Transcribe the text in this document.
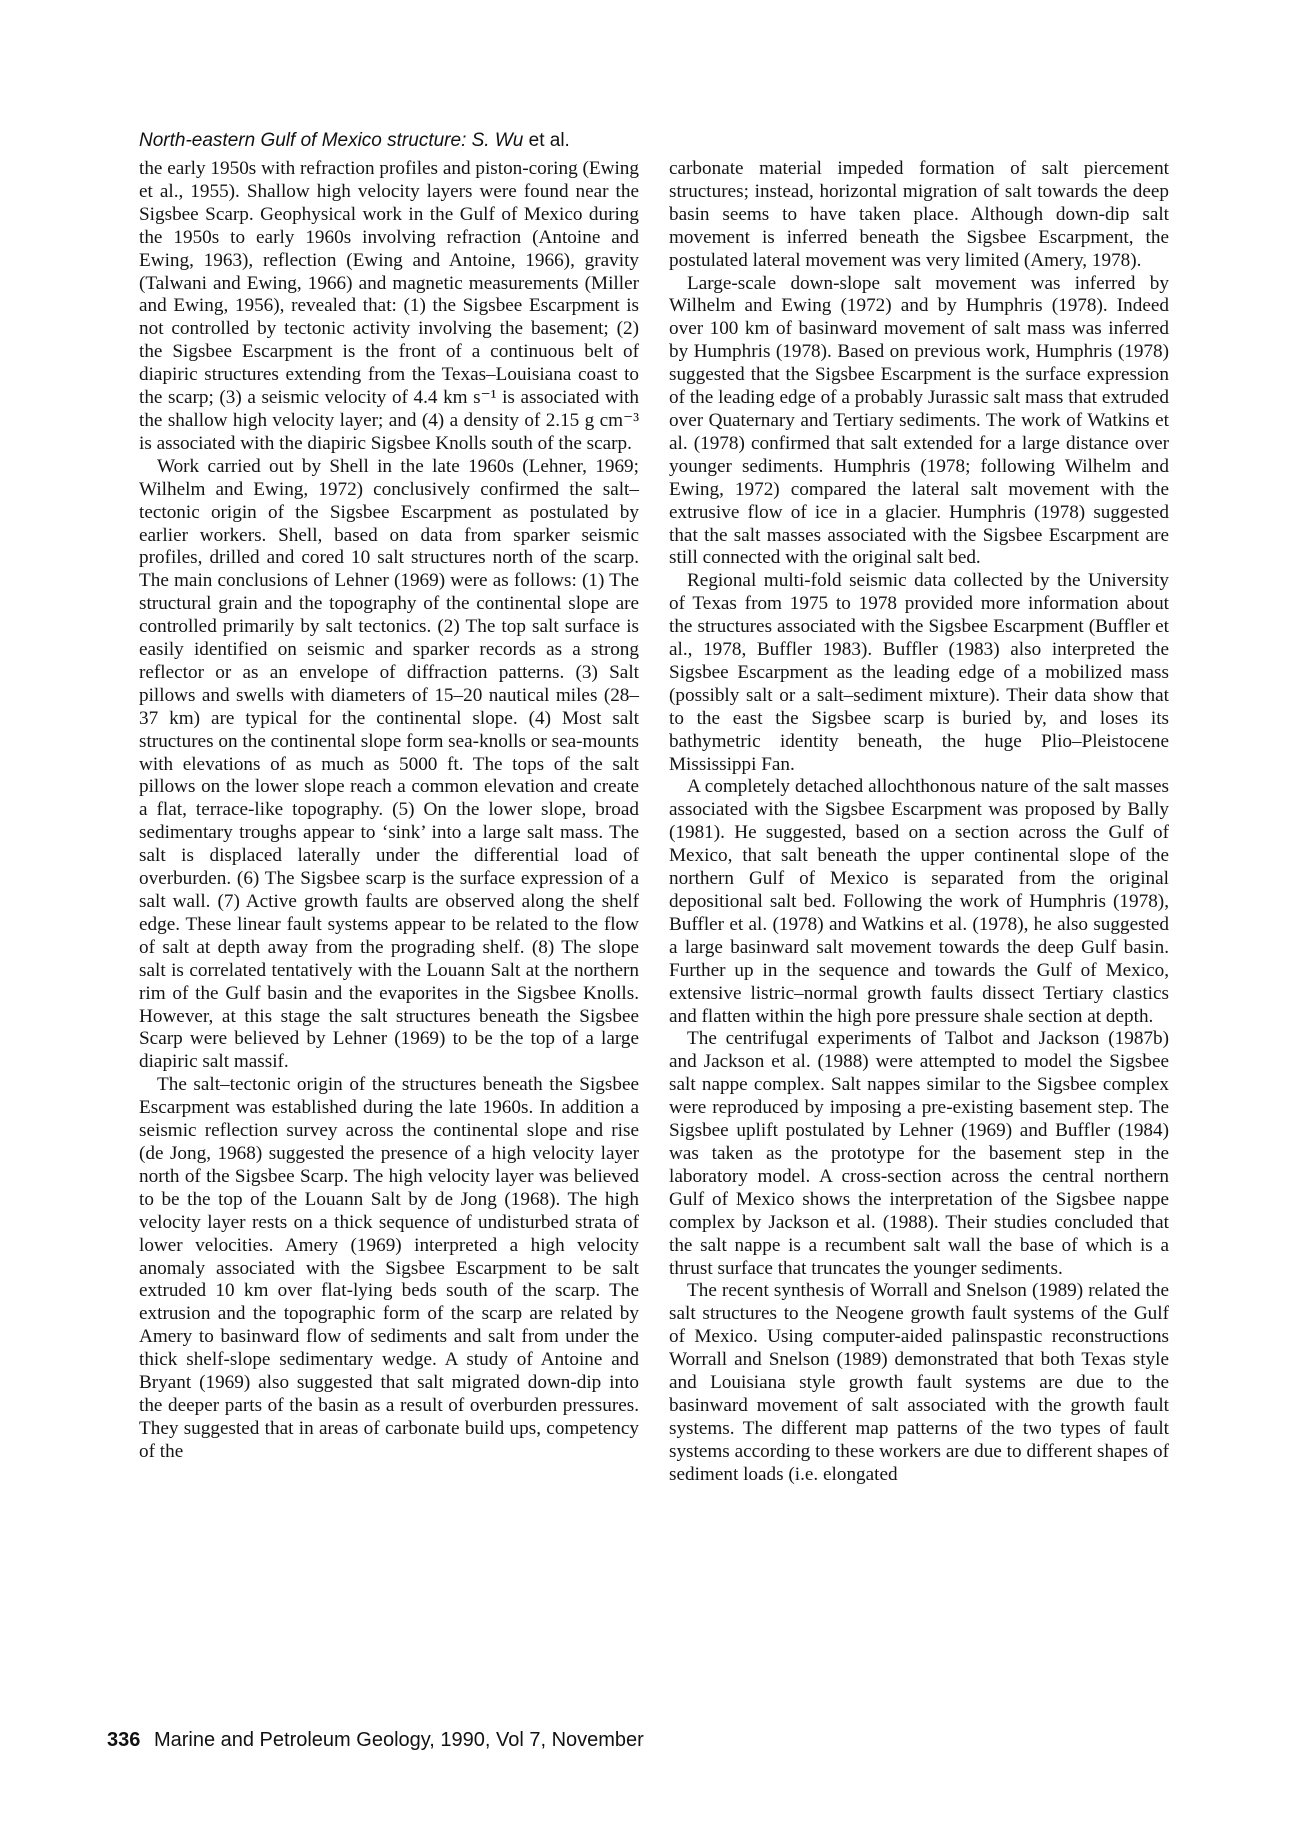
North-eastern Gulf of Mexico structure: S. Wu et al.

the early 1950s with refraction profiles and piston-coring (Ewing et al., 1955). Shallow high velocity layers were found near the Sigsbee Scarp. Geophysical work in the Gulf of Mexico during the 1950s to early 1960s involving refraction (Antoine and Ewing, 1963), reflection (Ewing and Antoine, 1966), gravity (Talwani and Ewing, 1966) and magnetic measurements (Miller and Ewing, 1956), revealed that: (1) the Sigsbee Escarpment is not controlled by tectonic activity involving the basement; (2) the Sigsbee Escarpment is the front of a continuous belt of diapiric structures extending from the Texas–Louisiana coast to the scarp; (3) a seismic velocity of 4.4 km s⁻¹ is associated with the shallow high velocity layer; and (4) a density of 2.15 g cm⁻³ is associated with the diapiric Sigsbee Knolls south of the scarp.

Work carried out by Shell in the late 1960s (Lehner, 1969; Wilhelm and Ewing, 1972) conclusively confirmed the salt–tectonic origin of the Sigsbee Escarpment as postulated by earlier workers. Shell, based on data from sparker seismic profiles, drilled and cored 10 salt structures north of the scarp. The main conclusions of Lehner (1969) were as follows: (1) The structural grain and the topography of the continental slope are controlled primarily by salt tectonics. (2) The top salt surface is easily identified on seismic and sparker records as a strong reflector or as an envelope of diffraction patterns. (3) Salt pillows and swells with diameters of 15–20 nautical miles (28–37 km) are typical for the continental slope. (4) Most salt structures on the continental slope form sea-knolls or sea-mounts with elevations of as much as 5000 ft. The tops of the salt pillows on the lower slope reach a common elevation and create a flat, terrace-like topography. (5) On the lower slope, broad sedimentary troughs appear to ‘sink’ into a large salt mass. The salt is displaced laterally under the differential load of overburden. (6) The Sigsbee scarp is the surface expression of a salt wall. (7) Active growth faults are observed along the shelf edge. These linear fault systems appear to be related to the flow of salt at depth away from the prograding shelf. (8) The slope salt is correlated tentatively with the Louann Salt at the northern rim of the Gulf basin and the evaporites in the Sigsbee Knolls. However, at this stage the salt structures beneath the Sigsbee Scarp were believed by Lehner (1969) to be the top of a large diapiric salt massif.

The salt–tectonic origin of the structures beneath the Sigsbee Escarpment was established during the late 1960s. In addition a seismic reflection survey across the continental slope and rise (de Jong, 1968) suggested the presence of a high velocity layer north of the Sigsbee Scarp. The high velocity layer was believed to be the top of the Louann Salt by de Jong (1968). The high velocity layer rests on a thick sequence of undisturbed strata of lower velocities. Amery (1969) interpreted a high velocity anomaly associated with the Sigsbee Escarpment to be salt extruded 10 km over flat-lying beds south of the scarp. The extrusion and the topographic form of the scarp are related by Amery to basinward flow of sediments and salt from under the thick shelf-slope sedimentary wedge. A study of Antoine and Bryant (1969) also suggested that salt migrated down-dip into the deeper parts of the basin as a result of overburden pressures. They suggested that in areas of carbonate build ups, competency of the

carbonate material impeded formation of salt piercement structures; instead, horizontal migration of salt towards the deep basin seems to have taken place. Although down-dip salt movement is inferred beneath the Sigsbee Escarpment, the postulated lateral movement was very limited (Amery, 1978).

Large-scale down-slope salt movement was inferred by Wilhelm and Ewing (1972) and by Humphris (1978). Indeed over 100 km of basinward movement of salt mass was inferred by Humphris (1978). Based on previous work, Humphris (1978) suggested that the Sigsbee Escarpment is the surface expression of the leading edge of a probably Jurassic salt mass that extruded over Quaternary and Tertiary sediments. The work of Watkins et al. (1978) confirmed that salt extended for a large distance over younger sediments. Humphris (1978; following Wilhelm and Ewing, 1972) compared the lateral salt movement with the extrusive flow of ice in a glacier. Humphris (1978) suggested that the salt masses associated with the Sigsbee Escarpment are still connected with the original salt bed.

Regional multi-fold seismic data collected by the University of Texas from 1975 to 1978 provided more information about the structures associated with the Sigsbee Escarpment (Buffler et al., 1978, Buffler 1983). Buffler (1983) also interpreted the Sigsbee Escarpment as the leading edge of a mobilized mass (possibly salt or a salt–sediment mixture). Their data show that to the east the Sigsbee scarp is buried by, and loses its bathymetric identity beneath, the huge Plio–Pleistocene Mississippi Fan.

A completely detached allochthonous nature of the salt masses associated with the Sigsbee Escarpment was proposed by Bally (1981). He suggested, based on a section across the Gulf of Mexico, that salt beneath the upper continental slope of the northern Gulf of Mexico is separated from the original depositional salt bed. Following the work of Humphris (1978), Buffler et al. (1978) and Watkins et al. (1978), he also suggested a large basinward salt movement towards the deep Gulf basin. Further up in the sequence and towards the Gulf of Mexico, extensive listric–normal growth faults dissect Tertiary clastics and flatten within the high pore pressure shale section at depth.

The centrifugal experiments of Talbot and Jackson (1987b) and Jackson et al. (1988) were attempted to model the Sigsbee salt nappe complex. Salt nappes similar to the Sigsbee complex were reproduced by imposing a pre-existing basement step. The Sigsbee uplift postulated by Lehner (1969) and Buffler (1984) was taken as the prototype for the basement step in the laboratory model. A cross-section across the central northern Gulf of Mexico shows the interpretation of the Sigsbee nappe complex by Jackson et al. (1988). Their studies concluded that the salt nappe is a recumbent salt wall the base of which is a thrust surface that truncates the younger sediments.

The recent synthesis of Worrall and Snelson (1989) related the salt structures to the Neogene growth fault systems of the Gulf of Mexico. Using computer-aided palinspastic reconstructions Worrall and Snelson (1989) demonstrated that both Texas style and Louisiana style growth fault systems are due to the basinward movement of salt associated with the growth fault systems. The different map patterns of the two types of fault systems according to these workers are due to different shapes of sediment loads (i.e. elongated

336 Marine and Petroleum Geology, 1990, Vol 7, November
